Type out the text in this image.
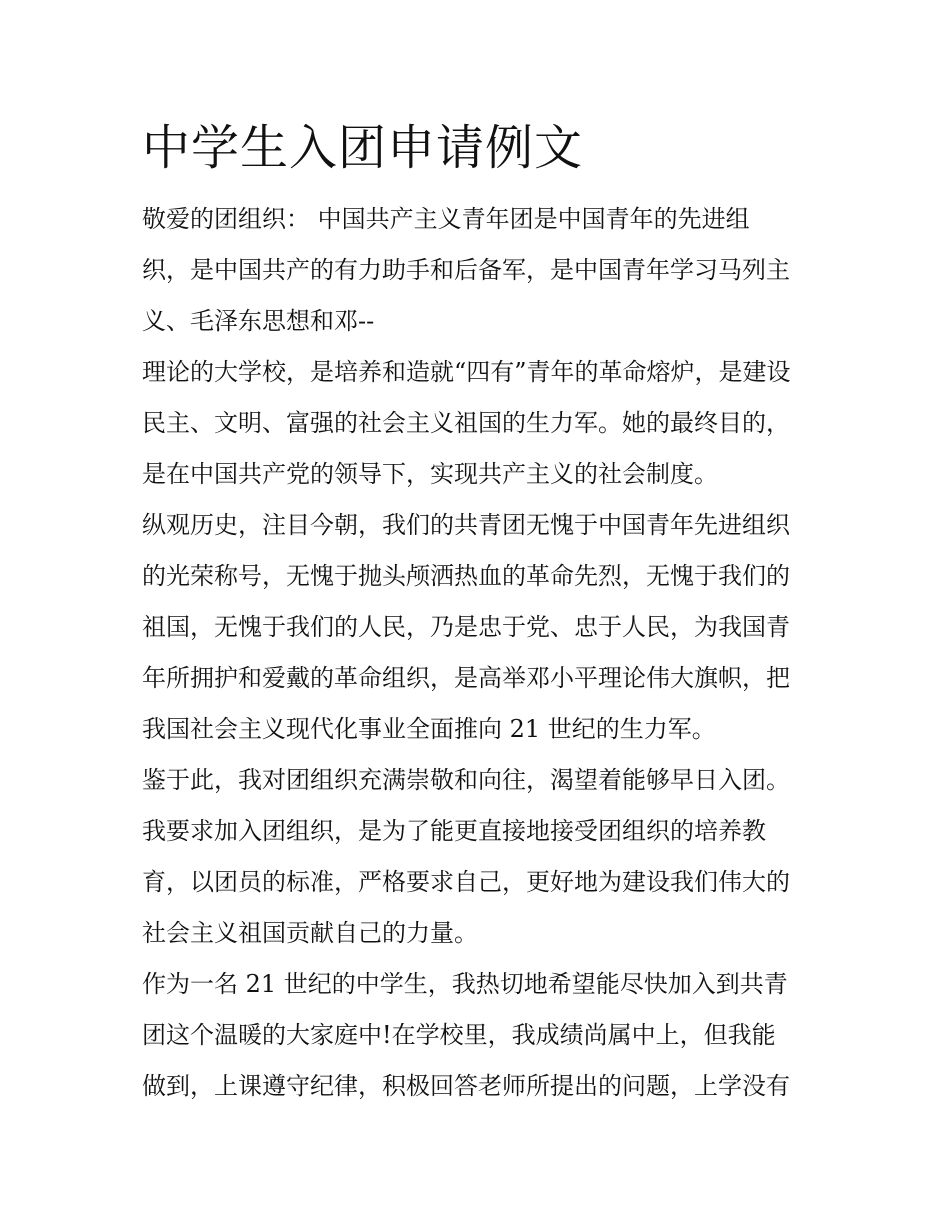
中学生入团申请例文

敬爱的团组织： 中国共产主义青年团是中国青年的先进组

织，是中国共产的有力助手和后备军，是中国青年学习马列主

义、毛泽东思想和邓--

理论的大学校，是培养和造就“四有”青年的革命熔炉，是建设

民主、文明、富强的社会主义祖国的生力军。她的最终目的，

是在中国共产党的领导下，实现共产主义的社会制度。

纵观历史，注目今朝，我们的共青团无愧于中国青年先进组织

的光荣称号，无愧于抛头颅洒热血的革命先烈，无愧于我们的

祖国，无愧于我们的人民，乃是忠于党、忠于人民，为我国青

年所拥护和爱戴的革命组织，是高举邓小平理论伟大旗帜，把

我国社会主义现代化事业全面推向 21 世纪的生力军。

鉴于此，我对团组织充满崇敬和向往，渴望着能够早日入团。

我要求加入团组织，是为了能更直接地接受团组织的培养教

育，以团员的标准，严格要求自己，更好地为建设我们伟大的

社会主义祖国贡献自己的力量。

作为一名 21 世纪的中学生，我热切地希望能尽快加入到共青

团这个温暖的大家庭中!在学校里，我成绩尚属中上，但我能

做到，上课遵守纪律，积极回答老师所提出的问题，上学没有
